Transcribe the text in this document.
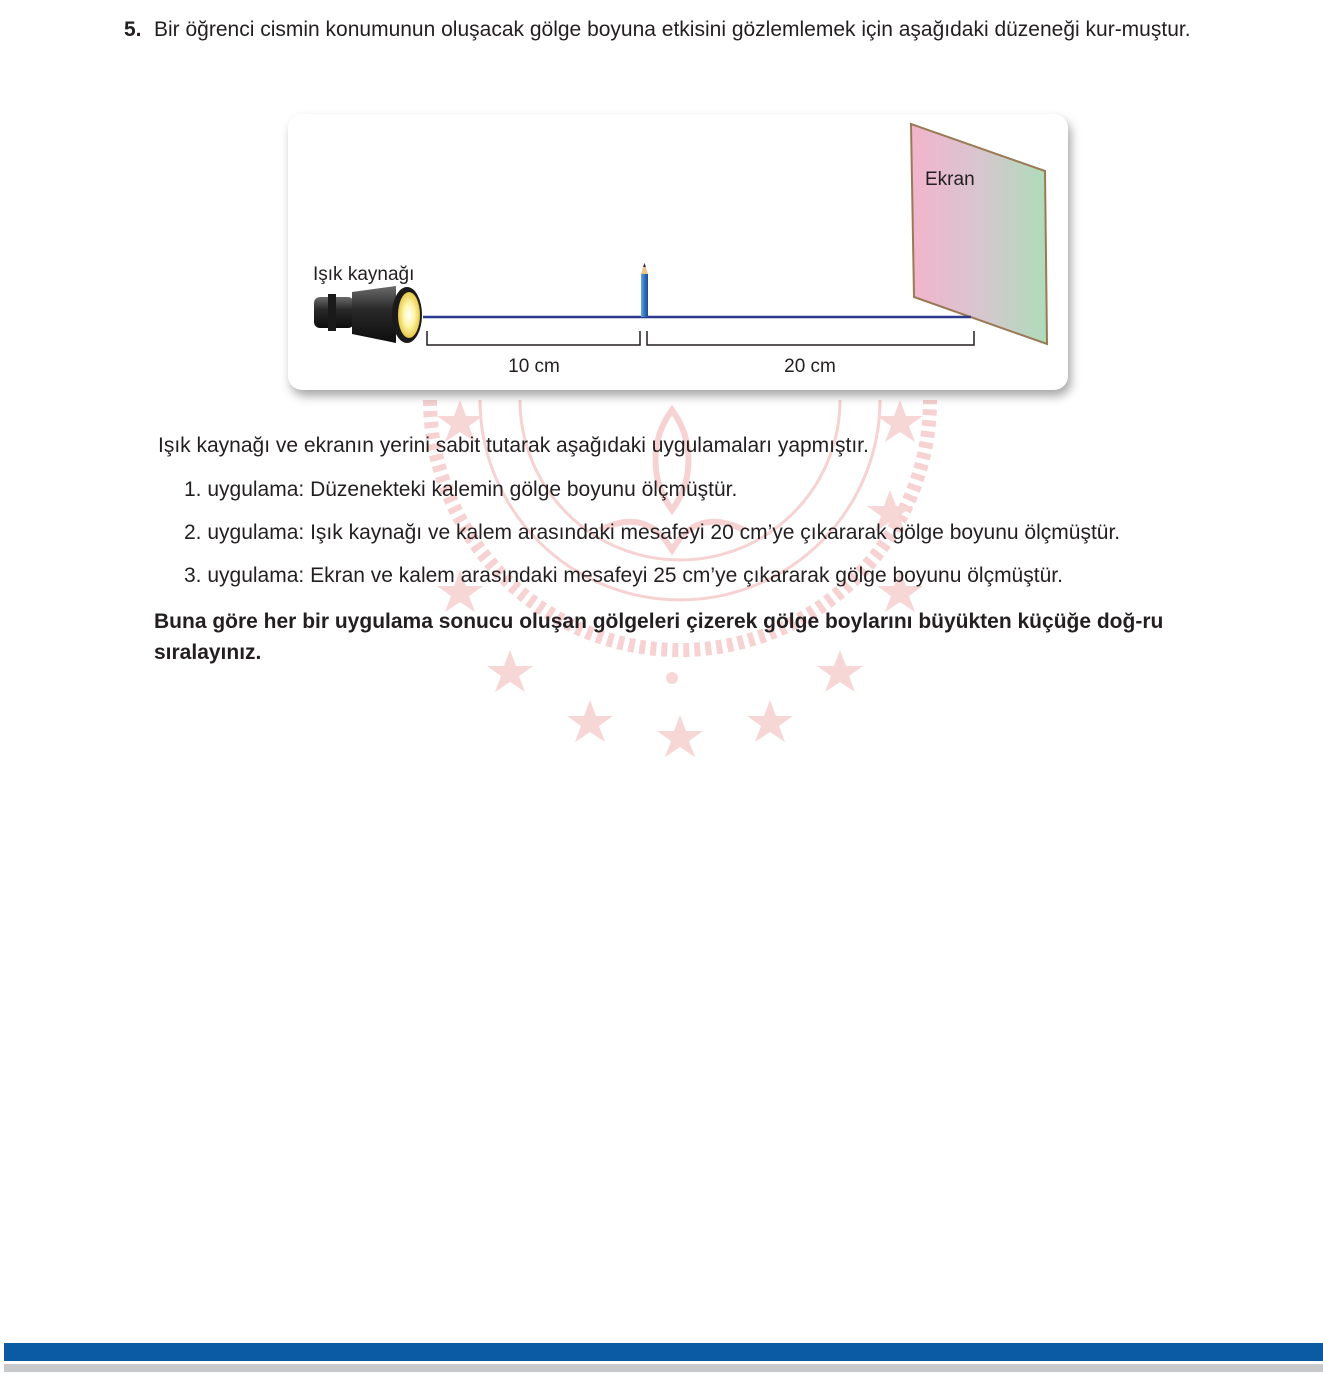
5. Bir öğrenci cismin konumunun oluşacak gölge boyuna etkisini gözlemlemek için aşağıdaki düzeneği kur-muştur.
Işık kaynağı
Ekran
10 cm	20 cm
Işık kaynağı ve ekranın yerini sabit tutarak aşağıdaki uygulamaları yapmıştır.
1. uygulama: Düzenekteki kalemin gölge boyunu ölçmüştür.
2. uygulama: Işık kaynağı ve kalem arasındaki mesafeyi 20 cm’ye çıkararak gölge boyunu ölçmüştür.
3. uygulama: Ekran ve kalem arasındaki mesafeyi 25 cm’ye çıkararak gölge boyunu ölçmüştür.
Buna göre her bir uygulama sonucu oluşan gölgeleri çizerek gölge boylarını büyükten küçüğe doğ-ru sıralayınız.
